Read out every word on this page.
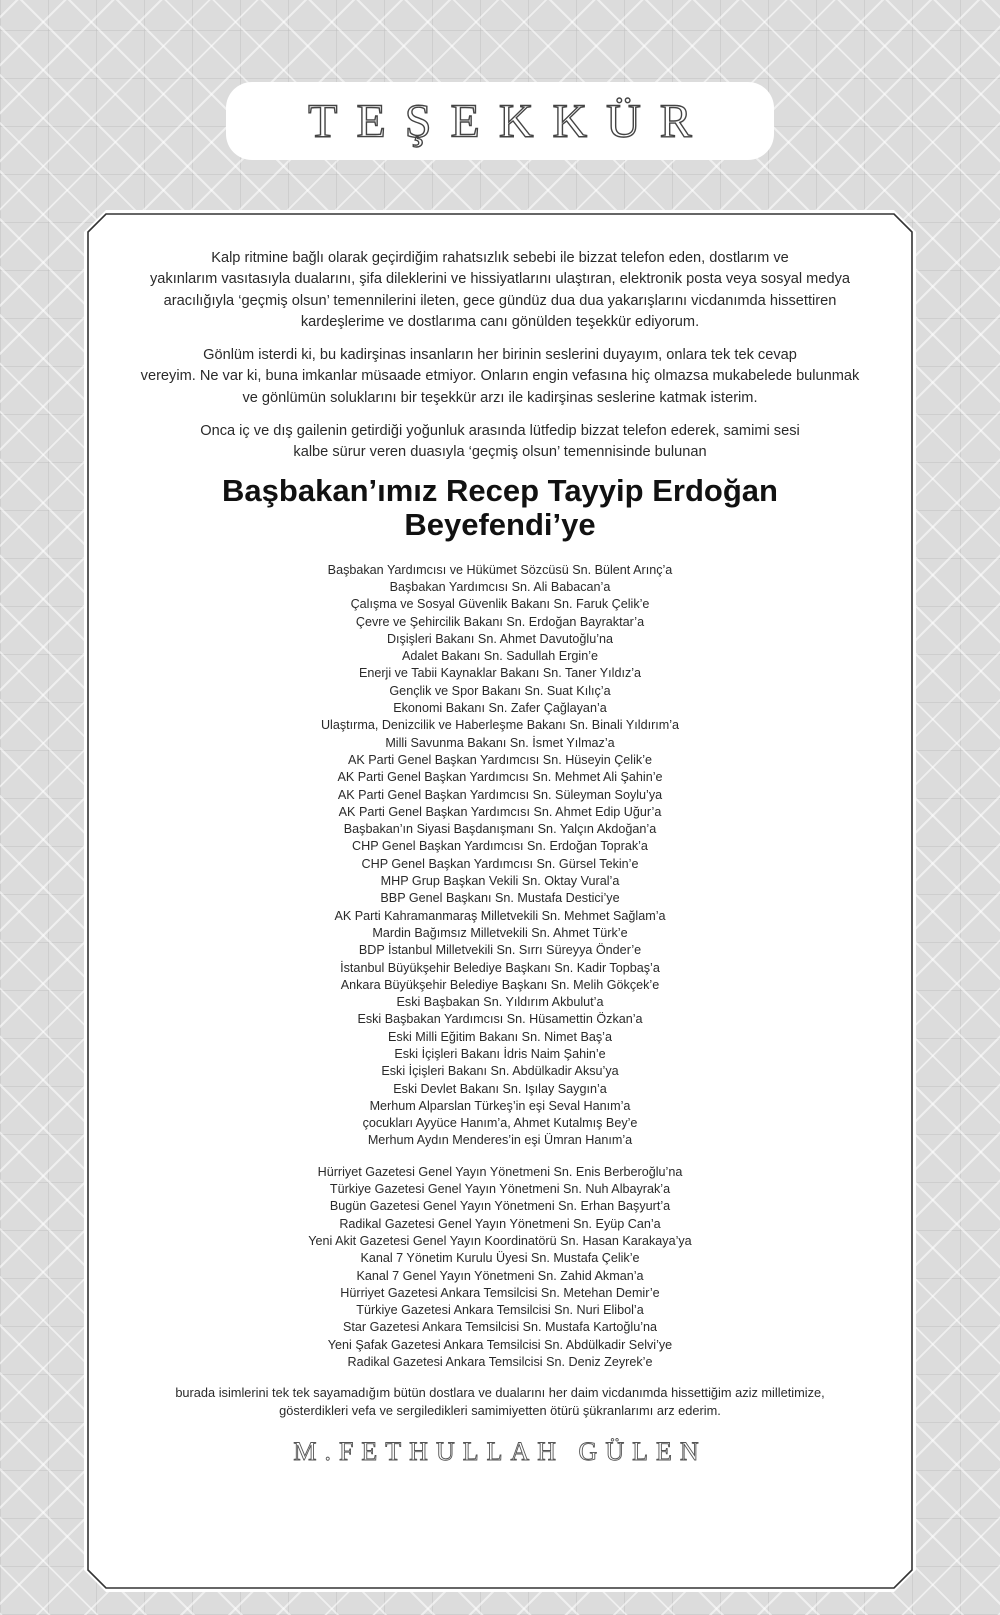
TEŞEKKÜR
Kalp ritmine bağlı olarak geçirdiğim rahatsızlık sebebi ile bizzat telefon eden, dostlarım ve
yakınlarım vasıtasıyla dualarını, şifa dileklerini ve hissiyatlarını ulaştıran, elektronik posta veya sosyal medya
aracılığıyla ‘geçmiş olsun’ temennilerini ileten, gece gündüz dua dua yakarışlarını vicdanımda hissettiren
kardeşlerime ve dostlarıma canı gönülden teşekkür ediyorum.
Gönlüm isterdi ki, bu kadirşinas insanların her birinin seslerini duyayım, onlara tek tek cevap
vereyim. Ne var ki, buna imkanlar müsaade etmiyor. Onların engin vefasına hiç olmazsa mukabelede bulunmak
ve gönlümün soluklarını bir teşekkür arzı ile kadirşinas seslerine katmak isterim.
Onca iç ve dış gailenin getirdiği yoğunluk arasında lütfedip bizzat telefon ederek, samimi sesi
kalbe sürur veren duasıyla ‘geçmiş olsun’ temennisinde bulunan
Başbakan’ımız Recep Tayyip Erdoğan Beyefendi’ye
Başbakan Yardımcısı ve Hükümet Sözcüsü Sn. Bülent Arınç’a
Başbakan Yardımcısı Sn. Ali Babacan’a
Çalışma ve Sosyal Güvenlik Bakanı Sn. Faruk Çelik’e
Çevre ve Şehircilik Bakanı Sn. Erdoğan Bayraktar’a
Dışişleri Bakanı Sn. Ahmet Davutoğlu’na
Adalet Bakanı Sn. Sadullah Ergin’e
Enerji ve Tabii Kaynaklar Bakanı Sn. Taner Yıldız’a
Gençlik ve Spor Bakanı Sn. Suat Kılıç’a
Ekonomi Bakanı Sn. Zafer Çağlayan’a
Ulaştırma, Denizcilik ve Haberleşme Bakanı Sn. Binali Yıldırım’a
Milli Savunma Bakanı Sn. İsmet Yılmaz’a
AK Parti Genel Başkan Yardımcısı Sn. Hüseyin Çelik’e
AK Parti Genel Başkan Yardımcısı Sn. Mehmet Ali Şahin’e
AK Parti Genel Başkan Yardımcısı Sn. Süleyman Soylu’ya
AK Parti Genel Başkan Yardımcısı Sn. Ahmet Edip Uğur’a
Başbakan’ın Siyasi Başdanışmanı Sn. Yalçın Akdoğan’a
CHP Genel Başkan Yardımcısı Sn. Erdoğan Toprak’a
CHP Genel Başkan Yardımcısı Sn. Gürsel Tekin’e
MHP Grup Başkan Vekili Sn. Oktay Vural’a
BBP Genel Başkanı Sn. Mustafa Destici’ye
AK Parti Kahramanmaraş Milletvekili Sn. Mehmet Sağlam’a
Mardin Bağımsız Milletvekili Sn. Ahmet Türk’e
BDP İstanbul Milletvekili Sn. Sırrı Süreyya Önder’e
İstanbul Büyükşehir Belediye Başkanı Sn. Kadir Topbaş’a
Ankara Büyükşehir Belediye Başkanı Sn. Melih Gökçek’e
Eski Başbakan Sn. Yıldırım Akbulut’a
Eski Başbakan Yardımcısı Sn. Hüsamettin Özkan’a
Eski Milli Eğitim Bakanı Sn. Nimet Baş’a
Eski İçişleri Bakanı İdris Naim Şahin’e
Eski İçişleri Bakanı Sn. Abdülkadir Aksu’ya
Eski Devlet Bakanı Sn. Işılay Saygın’a
Merhum Alparslan Türkeş’in eşi Seval Hanım’a
çocukları Ayyüce Hanım’a, Ahmet Kutalmış Bey’e
Merhum Aydın Menderes’in eşi Ümran Hanım’a
Hürriyet Gazetesi Genel Yayın Yönetmeni Sn. Enis Berberoğlu’na
Türkiye Gazetesi Genel Yayın Yönetmeni Sn. Nuh Albayrak’a
Bugün Gazetesi Genel Yayın Yönetmeni Sn. Erhan Başyurt’a
Radikal Gazetesi Genel Yayın Yönetmeni Sn. Eyüp Can’a
Yeni Akit Gazetesi Genel Yayın Koordinatörü Sn. Hasan Karakaya’ya
Kanal 7 Yönetim Kurulu Üyesi Sn. Mustafa Çelik’e
Kanal 7 Genel Yayın Yönetmeni Sn. Zahid Akman’a
Hürriyet Gazetesi Ankara Temsilcisi Sn. Metehan Demir’e
Türkiye Gazetesi Ankara Temsilcisi Sn. Nuri Elibol’a
Star Gazetesi Ankara Temsilcisi Sn. Mustafa Kartoğlu’na
Yeni Şafak Gazetesi Ankara Temsilcisi Sn. Abdülkadir Selvi’ye
Radikal Gazetesi Ankara Temsilcisi Sn. Deniz Zeyrek’e
burada isimlerini tek tek sayamadığım bütün dostlara ve dualarını her daim vicdanımda hissettiğim aziz milletimize,
gösterdikleri vefa ve sergiledikleri samimiyetten ötürü şükranlarımı arz ederim.
M.FETHULLAH GÜLEN
